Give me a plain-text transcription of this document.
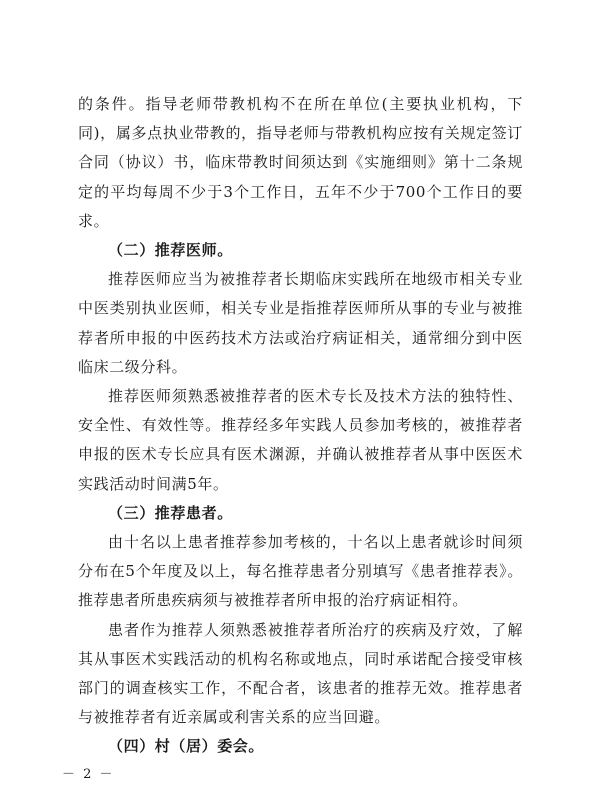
的条件。指导老师带教机构不在所在单位(主要执业机构，下同)，属多点执业带教的，指导老师与带教机构应按有关规定签订合同（协议）书，临床带教时间须达到《实施细则》第十二条规定的平均每周不少于3个工作日，五年不少于700个工作日的要求。

（二）推荐医师。

推荐医师应当为被推荐者长期临床实践所在地级市相关专业中医类别执业医师，相关专业是指推荐医师所从事的专业与被推荐者所申报的中医药技术方法或治疗病证相关，通常细分到中医临床二级分科。

推荐医师须熟悉被推荐者的医术专长及技术方法的独特性、安全性、有效性等。推荐经多年实践人员参加考核的，被推荐者申报的医术专长应具有医术渊源，并确认被推荐者从事中医医术实践活动时间满5年。

（三）推荐患者。

由十名以上患者推荐参加考核的，十名以上患者就诊时间须分布在5个年度及以上，每名推荐患者分别填写《患者推荐表》。推荐患者所患疾病须与被推荐者所申报的治疗病证相符。

患者作为推荐人须熟悉被推荐者所治疗的疾病及疗效，了解其从事医术实践活动的机构名称或地点，同时承诺配合接受审核部门的调查核实工作，不配合者，该患者的推荐无效。推荐患者与被推荐者有近亲属或利害关系的应当回避。

（四）村（居）委会。

－ 2 －
